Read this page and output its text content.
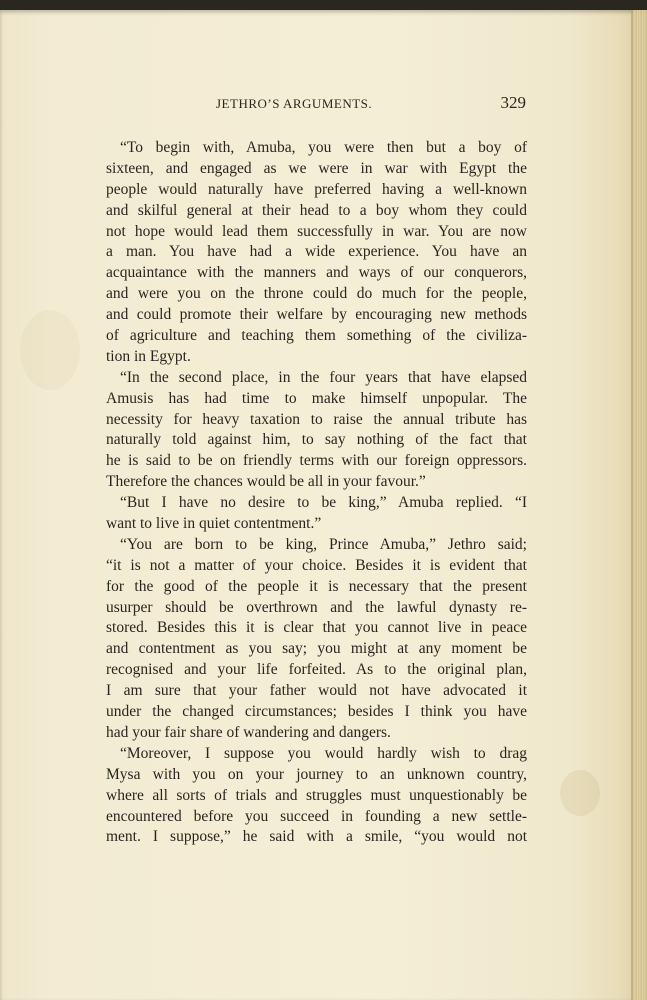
JETHRO’S ARGUMENTS.	329
“To begin with, Amuba, you were then but a boy of
sixteen, and engaged as we were in war with Egypt the
people would naturally have preferred having a well-known
and skilful general at their head to a boy whom they could
not hope would lead them successfully in war. You are now
a man. You have had a wide experience. You have an
acquaintance with the manners and ways of our conquerors,
and were you on the throne could do much for the people,
and could promote their welfare by encouraging new methods
of agriculture and teaching them something of the civiliza-
tion in Egypt.
“In the second place, in the four years that have elapsed
Amusis has had time to make himself unpopular. The
necessity for heavy taxation to raise the annual tribute has
naturally told against him, to say nothing of the fact that
he is said to be on friendly terms with our foreign oppressors.
Therefore the chances would be all in your favour.”
“But I have no desire to be king,” Amuba replied. “I
want to live in quiet contentment.”
“You are born to be king, Prince Amuba,” Jethro said;
“it is not a matter of your choice. Besides it is evident that
for the good of the people it is necessary that the present
usurper should be overthrown and the lawful dynasty re-
stored. Besides this it is clear that you cannot live in peace
and contentment as you say; you might at any moment be
recognised and your life forfeited. As to the original plan,
I am sure that your father would not have advocated it
under the changed circumstances; besides I think you have
had your fair share of wandering and dangers.
“Moreover, I suppose you would hardly wish to drag
Mysa with you on your journey to an unknown country,
where all sorts of trials and struggles must unquestionably be
encountered before you succeed in founding a new settle-
ment. I suppose,” he said with a smile, “you would not
